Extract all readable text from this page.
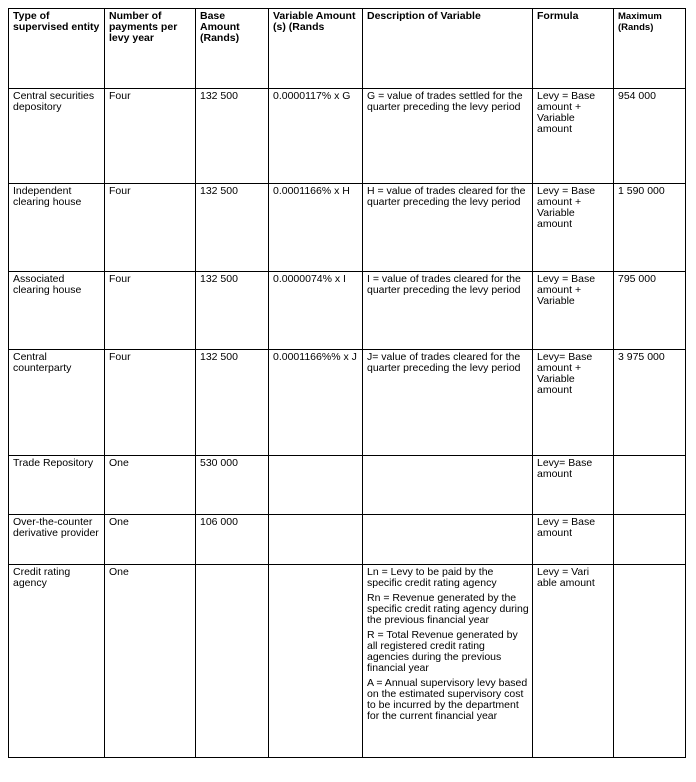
Type of supervised entity	Number of payments per levy year	Base Amount (Rands)	Variable Amount (s) (Rands	Description of Variable	Formula	Maximum (Rands)
Central securities depository	Four	132 500	0.0000117% x G	G = value of trades settled for the quarter preceding the levy period	Levy = Base amount + Variable amount	954 000
Independent clearing house	Four	132 500	0.0001166% x H	H = value of trades cleared for the quarter preceding the levy period	Levy = Base amount + Variable amount	1 590 000
Associated clearing house	Four	132 500	0.0000074% x I	I = value of trades cleared for the quarter preceding the levy period	Levy = Base amount + Variable	795 000
Central counterparty	Four	132 500	0.0001166%% x J	J= value of trades cleared for the quarter preceding the levy period	Levy= Base amount + Variable amount	3 975 000
Trade Repository	One	530 000			Levy= Base amount	
Over-the-counter derivative provider	One	106 000			Levy = Base amount	
Credit rating agency	One			Ln = Levy to be paid by the specific credit rating agency
Rn = Revenue generated by the specific credit rating agency during the previous financial year
R = Total Revenue generated by all registered credit rating agencies during the previous financial year
A = Annual supervisory levy based on the estimated supervisory cost to be incurred by the department for the current financial year	Levy = Vari able amount	
